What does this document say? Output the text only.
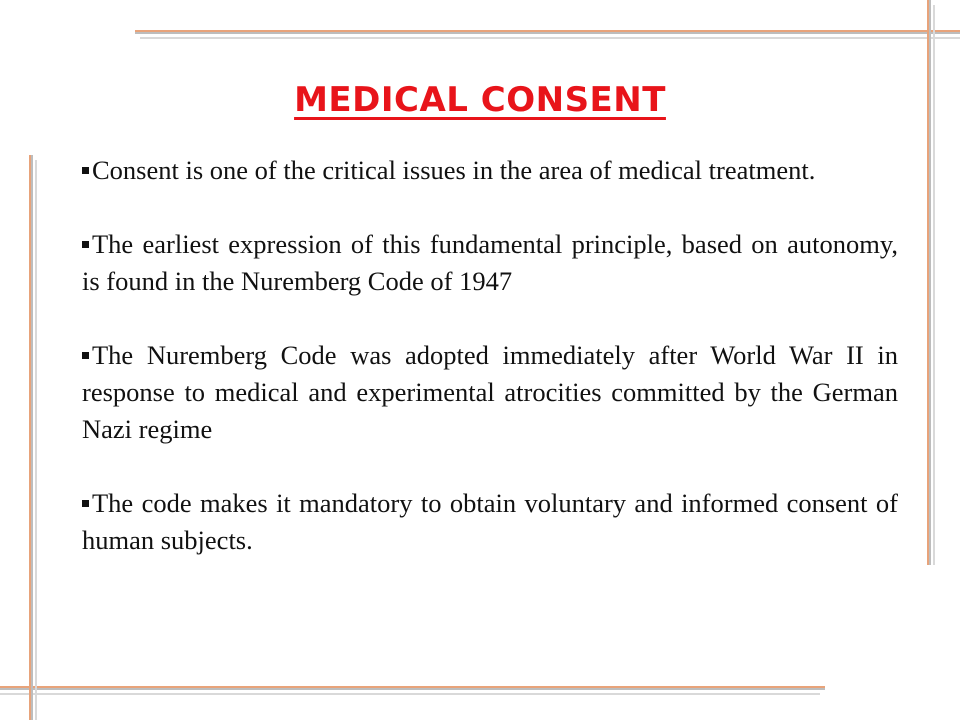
MEDICAL CONSENT

Consent is one of the critical issues in the area of medical treatment.

The earliest expression of this fundamental principle, based on autonomy, is found in the Nuremberg Code of 1947

The Nuremberg Code was adopted immediately after World War II in response to medical and experimental atrocities committed by the German Nazi regime

The code makes it mandatory to obtain voluntary and informed consent of human subjects.
